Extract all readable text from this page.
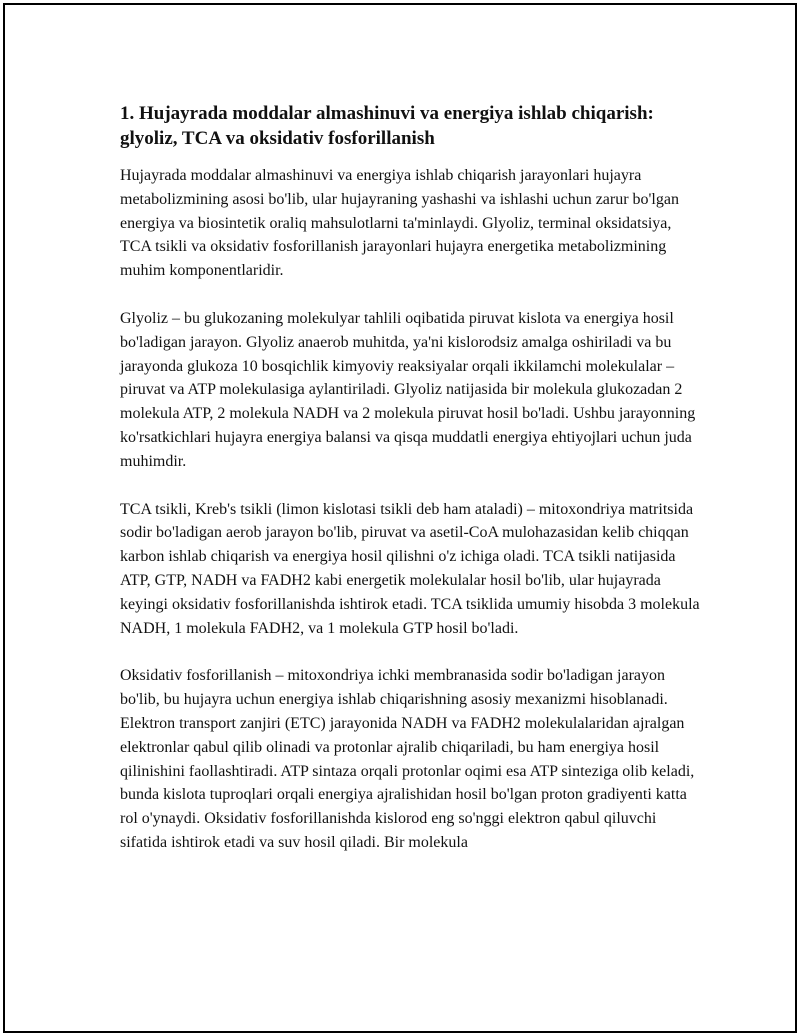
1. Hujayrada moddalar almashinuvi va energiya ishlab chiqarish: glyoliz, TCA va oksidativ fosforillanish

Hujayrada moddalar almashinuvi va energiya ishlab chiqarish jarayonlari hujayra metabolizmining asosi bo'lib, ular hujayraning yashashi va ishlashi uchun zarur bo'lgan energiya va biosintetik oraliq mahsulotlarni ta'minlaydi. Glyoliz, terminal oksidatsiya, TCA tsikli va oksidativ fosforillanish jarayonlari hujayra energetika metabolizmining muhim komponentlaridir.

Glyoliz – bu glukozaning molekulyar tahlili oqibatida piruvat kislota va energiya hosil bo'ladigan jarayon. Glyoliz anaerob muhitda, ya'ni kislorodsiz amalga oshiriladi va bu jarayonda glukoza 10 bosqichlik kimyoviy reaksiyalar orqali ikkilamchi molekulalar – piruvat va ATP molekulasiga aylantiriladi. Glyoliz natijasida bir molekula glukozadan 2 molekula ATP, 2 molekula NADH va 2 molekula piruvat hosil bo'ladi. Ushbu jarayonning ko'rsatkichlari hujayra energiya balansi va qisqa muddatli energiya ehtiyojlari uchun juda muhimdir.

TCA tsikli, Kreb's tsikli (limon kislotasi tsikli deb ham ataladi) – mitoxondriya matritsida sodir bo'ladigan aerob jarayon bo'lib, piruvat va asetil-CoA mulohazasidan kelib chiqqan karbon ishlab chiqarish va energiya hosil qilishni o'z ichiga oladi. TCA tsikli natijasida ATP, GTP, NADH va FADH2 kabi energetik molekulalar hosil bo'lib, ular hujayrada keyingi oksidativ fosforillanishda ishtirok etadi. TCA tsiklida umumiy hisobda 3 molekula NADH, 1 molekula FADH2, va 1 molekula GTP hosil bo'ladi.

Oksidativ fosforillanish – mitoxondriya ichki membranasida sodir bo'ladigan jarayon bo'lib, bu hujayra uchun energiya ishlab chiqarishning asosiy mexanizmi hisoblanadi. Elektron transport zanjiri (ETC) jarayonida NADH va FADH2 molekulalaridan ajralgan elektronlar qabul qilib olinadi va protonlar ajralib chiqariladi, bu ham energiya hosil qilinishini faollashtiradi. ATP sintaza orqali protonlar oqimi esa ATP sinteziga olib keladi, bunda kislota tuproqlari orqali energiya ajralishidan hosil bo'lgan proton gradiyenti katta rol o'ynaydi. Oksidativ fosforillanishda kislorod eng so'nggi elektron qabul qiluvchi sifatida ishtirok etadi va suv hosil qiladi. Bir molekula
